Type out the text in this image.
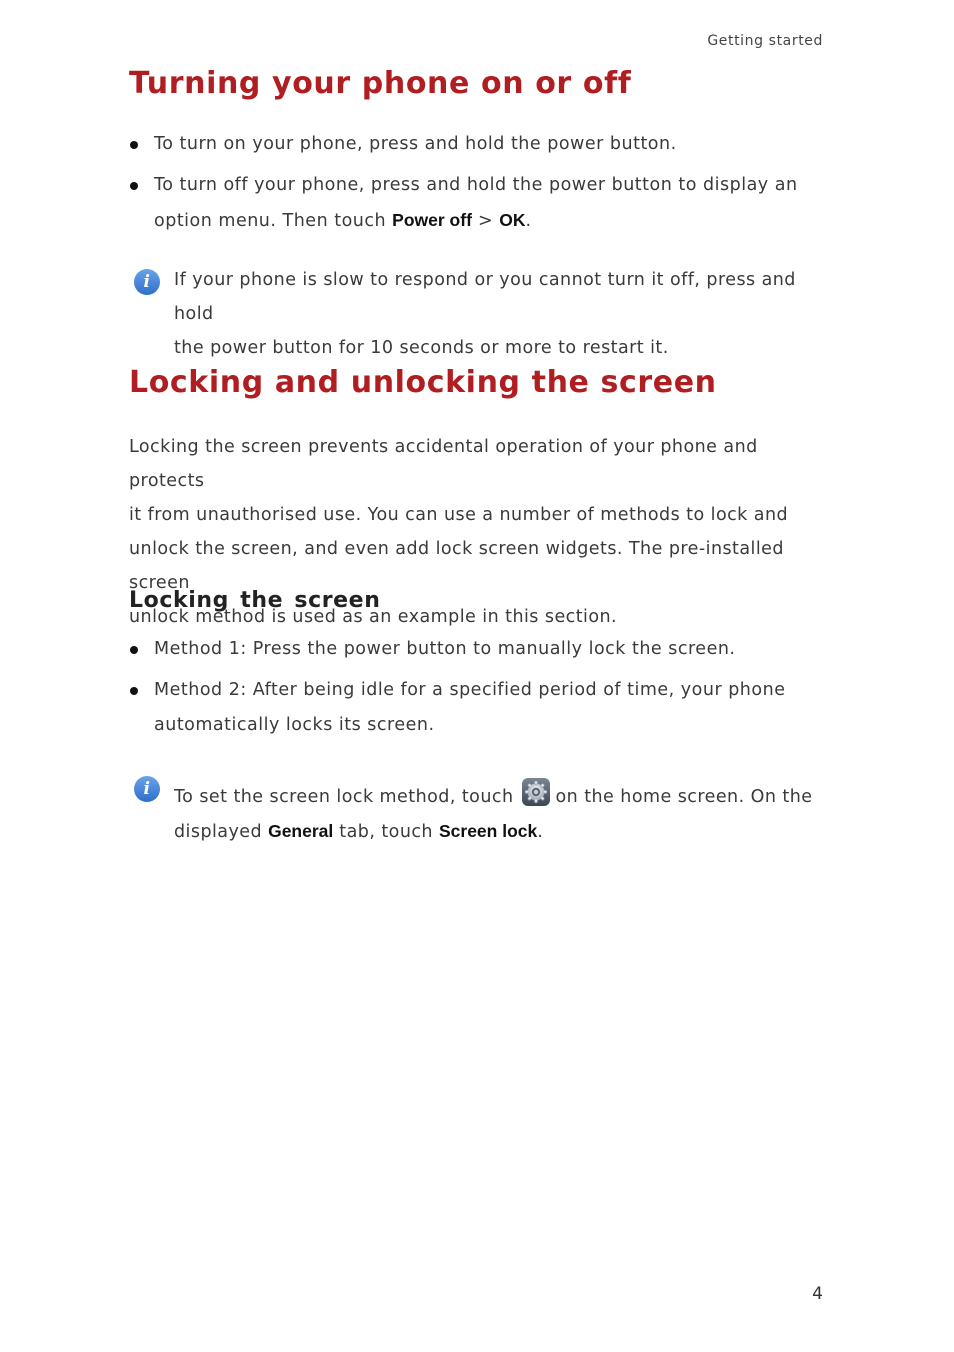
Getting started
Turning your phone on or off
To turn on your phone, press and hold the power button.
To turn off your phone, press and hold the power button to display an
option menu. Then touch Power off > OK.
i	If your phone is slow to respond or you cannot turn it off, press and hold
the power button for 10 seconds or more to restart it.
Locking and unlocking the screen
Locking the screen prevents accidental operation of your phone and protects
it from unauthorised use. You can use a number of methods to lock and
unlock the screen, and even add lock screen widgets. The pre-installed screen
unlock method is used as an example in this section.
Locking the screen
Method 1: Press the power button to manually lock the screen.
Method 2: After being idle for a specified period of time, your phone
automatically locks its screen.
i	To set the screen lock method, touch on the home screen. On the
displayed General tab, touch Screen lock.
4
